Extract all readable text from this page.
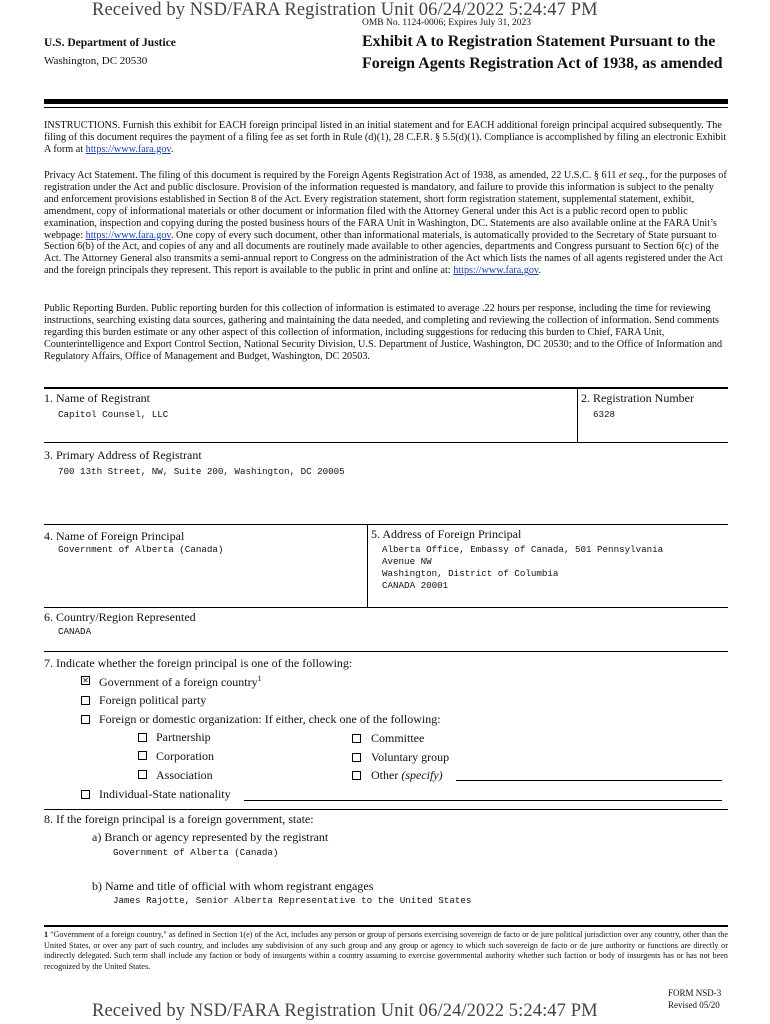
Received by NSD/FARA Registration Unit 06/24/2022 5:24:47 PM
OMB No. 1124-0006; Expires July 31, 2023
U.S. Department of Justice
Washington, DC 20530
Exhibit A to Registration Statement Pursuant to the Foreign Agents Registration Act of 1938, as amended
INSTRUCTIONS. Furnish this exhibit for EACH foreign principal listed in an initial statement and for EACH additional foreign principal acquired subsequently. The filing of this document requires the payment of a filing fee as set forth in Rule (d)(1), 28 C.F.R. § 5.5(d)(1). Compliance is accomplished by filing an electronic Exhibit A form at https://www.fara.gov.
Privacy Act Statement. The filing of this document is required by the Foreign Agents Registration Act of 1938, as amended, 22 U.S.C. § 611 et seq., for the purposes of registration under the Act and public disclosure. Provision of the information requested is mandatory, and failure to provide this information is subject to the penalty and enforcement provisions established in Section 8 of the Act. Every registration statement, short form registration statement, supplemental statement, exhibit, amendment, copy of informational materials or other document or information filed with the Attorney General under this Act is a public record open to public examination, inspection and copying during the posted business hours of the FARA Unit in Washington, DC. Statements are also available online at the FARA Unit’s webpage: https://www.fara.gov. One copy of every such document, other than informational materials, is automatically provided to the Secretary of State pursuant to Section 6(b) of the Act, and copies of any and all documents are routinely made available to other agencies, departments and Congress pursuant to Section 6(c) of the Act. The Attorney General also transmits a semi-annual report to Congress on the administration of the Act which lists the names of all agents registered under the Act and the foreign principals they represent. This report is available to the public in print and online at: https://www.fara.gov.
Public Reporting Burden. Public reporting burden for this collection of information is estimated to average .22 hours per response, including the time for reviewing instructions, searching existing data sources, gathering and maintaining the data needed, and completing and reviewing the collection of information. Send comments regarding this burden estimate or any other aspect of this collection of information, including suggestions for reducing this burden to Chief, FARA Unit, Counterintelligence and Export Control Section, National Security Division, U.S. Department of Justice, Washington, DC 20530; and to the Office of Information and Regulatory Affairs, Office of Management and Budget, Washington, DC 20503.
1. Name of Registrant
Capitol Counsel, LLC
2. Registration Number
6328
3. Primary Address of Registrant
700 13th Street, NW, Suite 200, Washington, DC 20005
4. Name of Foreign Principal
Government of Alberta (Canada)
5. Address of Foreign Principal
Alberta Office, Embassy of Canada, 501 Pennsylvania
Avenue NW
Washington, District of Columbia
CANADA 20001
6. Country/Region Represented
CANADA
7. Indicate whether the foreign principal is one of the following:
✕
Government of a foreign country$^1$
Foreign political party
Foreign or domestic organization: If either, check one of the following:
Partnership	Committee
Corporation	Voluntary group
Association	Other (specify)
Individual-State nationality
8. If the foreign principal is a foreign government, state:
a) Branch or agency represented by the registrant
Government of Alberta (Canada)
b) Name and title of official with whom registrant engages
James Rajotte, Senior Alberta Representative to the United States
1 "Government of a foreign country," as defined in Section 1(e) of the Act, includes any person or group of persons exercising sovereign de facto or de jure political jurisdiction over any country, other than the United States, or over any part of such country, and includes any subdivision of any such group and any group or agency to which such sovereign de facto or de jure authority or functions are directly or indirectly delegated. Such term shall include any faction or body of insurgents within a country assuming to exercise governmental authority whether such faction or body of insurgents has or has not been recognized by the United States.
FORM NSD-3
Revised 05/20
Received by NSD/FARA Registration Unit 06/24/2022 5:24:47 PM
